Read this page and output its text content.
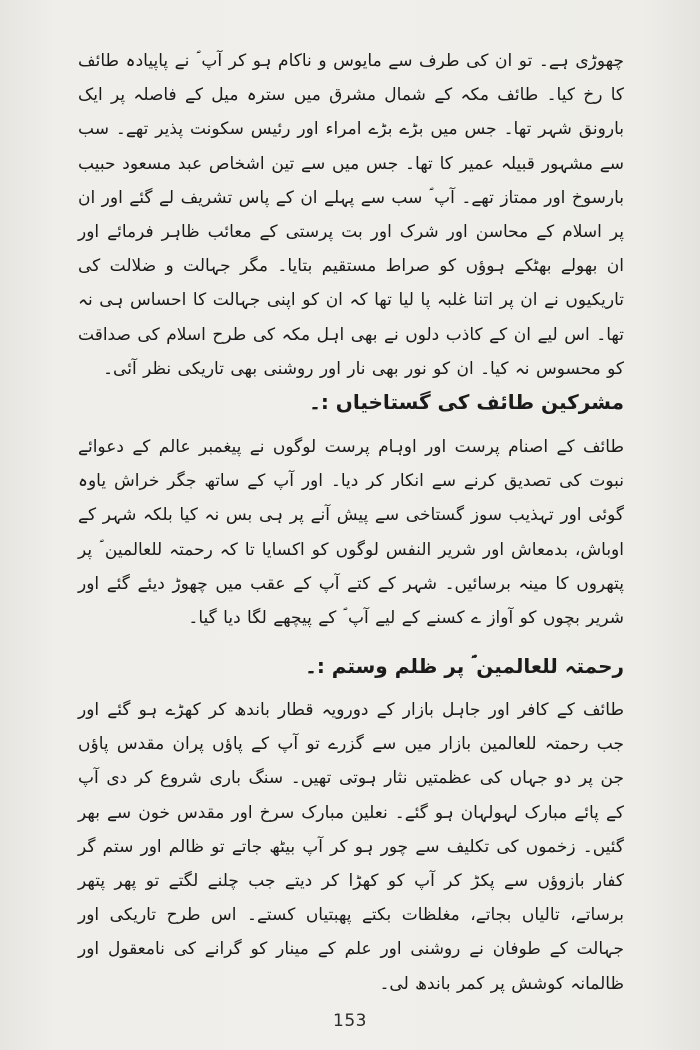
چھوڑی ہے۔ تو ان کی طرف سے مایوس و ناکام ہو کر آپ ؐ نے پاپیادہ طائف کا رخ کیا۔ طائف مکہ کے شمال مشرق میں سترہ میل کے فاصلہ پر ایک بارونق شہر تھا۔ جس میں بڑے بڑے امراء اور رئیس سکونت پذیر تھے۔ سب سے مشہور قبیلہ عمیر کا تھا۔ جس میں سے تین اشخاص عبد مسعود حبیب بارسوخ اور ممتاز تھے۔ آپ ؐ سب سے پہلے ان کے پاس تشریف لے گئے اور ان پر اسلام کے محاسن اور شرک اور بت پرستی کے معائب ظاہر فرمائے اور ان بھولے بھٹکے ہوؤں کو صراط مستقیم بتایا۔ مگر جہالت و ضلالت کی تاریکیوں نے ان پر اتنا غلبہ پا لیا تھا کہ ان کو اپنی جہالت کا احساس ہی نہ تھا۔ اس لیے ان کے کاذب دلوں نے بھی اہل مکہ کی طرح اسلام کی صداقت کو محسوس نہ کیا۔ ان کو نور بھی نار اور روشنی بھی تاریکی نظر آئی۔

مشرکین طائف کی گستاخیاں :۔

طائف کے اصنام پرست اور اوہام پرست لوگوں نے پیغمبر عالم کے دعوائے نبوت کی تصدیق کرنے سے انکار کر دیا۔ اور آپ کے ساتھ جگر خراش یاوہ گوئی اور تہذیب سوز گستاخی سے پیش آنے پر ہی بس نہ کیا بلکہ شہر کے اوباش، بدمعاش اور شریر النفس لوگوں کو اکسایا تا کہ رحمتہ للعالمین ؐ پر پتھروں کا مینہ برسائیں۔ شہر کے کتے آپ کے عقب میں چھوڑ دیئے گئے اور شریر بچوں کو آواز ے کسنے کے لیے آپ ؐ کے پیچھے لگا دیا گیا۔

رحمتہ للعالمین ؐ پر ظلم وستم :۔

طائف کے کافر اور جاہل بازار کے دورویہ قطار باندھ کر کھڑے ہو گئے اور جب رحمتہ للعالمین بازار میں سے گزرے تو آپ کے پاؤں پران مقدس پاؤں جن پر دو جہاں کی عظمتیں نثار ہوتی تھیں۔ سنگ باری شروع کر دی آپ کے پائے مبارک لہولہان ہو گئے۔ نعلین مبارک سرخ اور مقدس خون سے بھر گئیں۔ زخموں کی تکلیف سے چور ہو کر آپ بیٹھ جاتے تو ظالم اور ستم گر کفار بازوؤں سے پکڑ کر آپ کو کھڑا کر دیتے جب چلنے لگتے تو پھر پتھر برساتے، تالیاں بجاتے، مغلظات بکتے پھبتیاں کستے۔ اس طرح تاریکی اور جہالت کے طوفان نے روشنی اور علم کے مینار کو گرانے کی نامعقول اور ظالمانہ کوشش پر کمر باندھ لی۔

153
